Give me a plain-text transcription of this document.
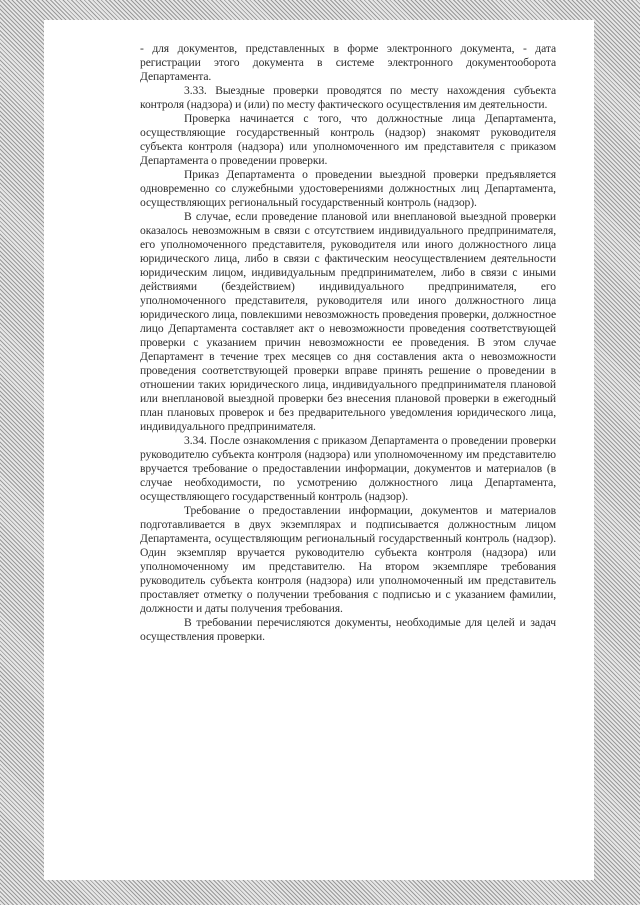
- для документов, представленных в форме электронного документа, - дата регистрации этого документа в системе электронного документооборота Департамента.

3.33. Выездные проверки проводятся по месту нахождения субъекта контроля (надзора) и (или) по месту фактического осуществления им деятельности.

Проверка начинается с того, что должностные лица Департамента, осуществляющие государственный контроль (надзор) знакомят руководителя субъекта контроля (надзора) или уполномоченного им представителя с приказом Департамента о проведении проверки.

Приказ Департамента о проведении выездной проверки предъявляется одновременно со служебными удостоверениями должностных лиц Департамента, осуществляющих региональный государственный контроль (надзор).

В случае, если проведение плановой или внеплановой выездной проверки оказалось невозможным в связи с отсутствием индивидуального предпринимателя, его уполномоченного представителя, руководителя или иного должностного лица юридического лица, либо в связи с фактическим неосуществлением деятельности юридическим лицом, индивидуальным предпринимателем, либо в связи с иными действиями (бездействием) индивидуального предпринимателя, его уполномоченного представителя, руководителя или иного должностного лица юридического лица, повлекшими невозможность проведения проверки, должностное лицо Департамента составляет акт о невозможности проведения соответствующей проверки с указанием причин невозможности ее проведения. В этом случае Департамент в течение трех месяцев со дня составления акта о невозможности проведения соответствующей проверки вправе принять решение о проведении в отношении таких юридического лица, индивидуального предпринимателя плановой или внеплановой выездной проверки без внесения плановой проверки в ежегодный план плановых проверок и без предварительного уведомления юридического лица, индивидуального предпринимателя.

3.34. После ознакомления с приказом Департамента о проведении проверки руководителю субъекта контроля (надзора) или уполномоченному им представителю вручается требование о предоставлении информации, документов и материалов (в случае необходимости, по усмотрению должностного лица Департамента, осуществляющего государственный контроль (надзор).

Требование о предоставлении информации, документов и материалов подготавливается в двух экземплярах и подписывается должностным лицом Департамента, осуществляющим региональный государственный контроль (надзор). Один экземпляр вручается руководителю субъекта контроля (надзора) или уполномоченному им представителю. На втором экземпляре требования руководитель субъекта контроля (надзора) или уполномоченный им представитель проставляет отметку о получении требования с подписью и с указанием фамилии, должности и даты получения требования.

В требовании перечисляются документы, необходимые для целей и задач осуществления проверки.
